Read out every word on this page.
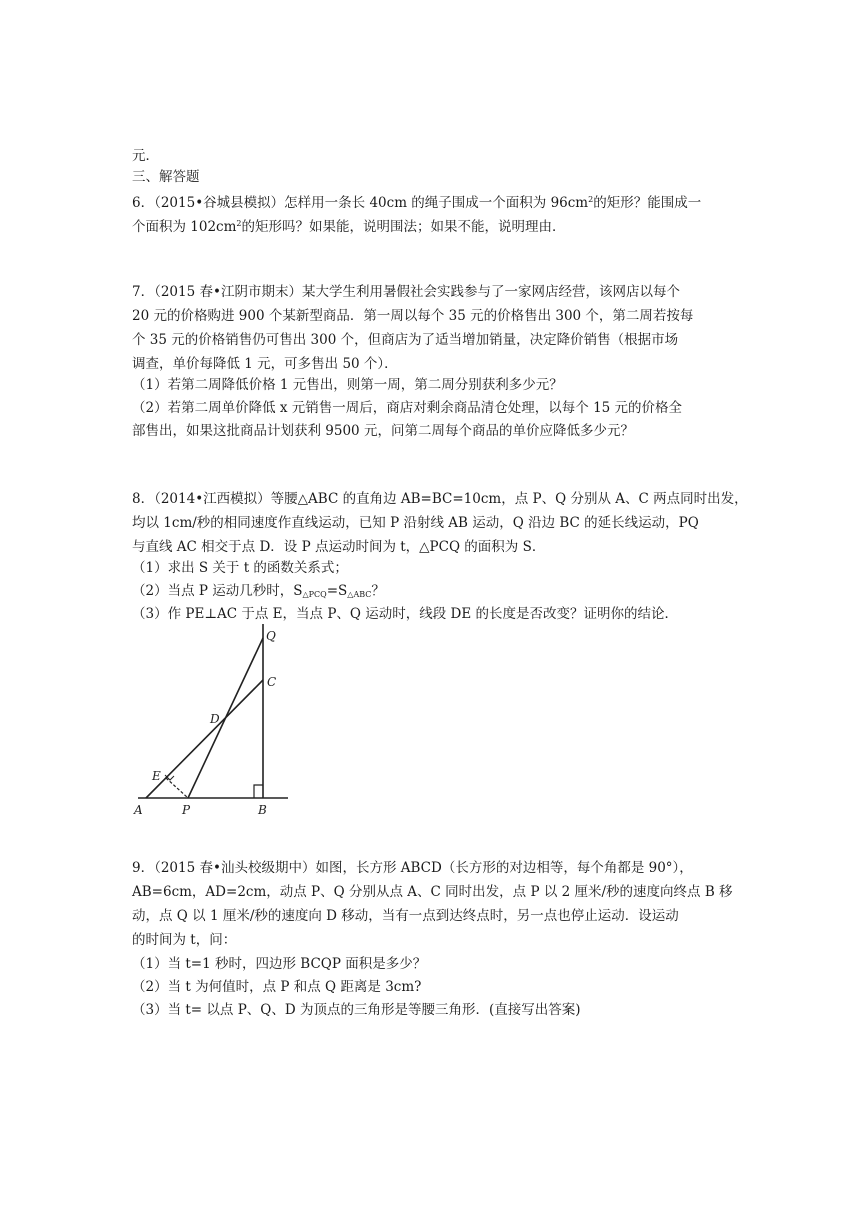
元．
三、解答题
6．（2015•谷城县模拟）怎样用一条长 40cm 的绳子围成一个面积为 $96cm^2$的矩形？能围成一
个面积为 $102cm^2$的矩形吗？如果能，说明围法；如果不能，说明理由．
7．（2015 春•江阴市期末）某大学生利用暑假社会实践参与了一家网店经营，该网店以每个
20 元的价格购进 900 个某新型商品．第一周以每个 35 元的价格售出 300 个，第二周若按每
个 35 元的价格销售仍可售出 300 个，但商店为了适当增加销量，决定降价销售（根据市场
调查，单价每降低 1 元，可多售出 50 个）．
（1）若第二周降低价格 1 元售出，则第一周，第二周分别获利多少元？
（2）若第二周单价降低 x 元销售一周后，商店对剩余商品清仓处理，以每个 15 元的价格全
部售出，如果这批商品计划获利 9500 元，问第二周每个商品的单价应降低多少元？
8．（2014•江西模拟）等腰△ABC 的直角边 AB=BC=10cm，点 P、Q 分别从 A、C 两点同时出发，
均以 1cm/秒的相同速度作直线运动，已知 P 沿射线 AB 运动，Q 沿边 BC 的延长线运动，PQ
与直线 AC 相交于点 D．设 P 点运动时间为 t，△PCQ 的面积为 S．
（1）求出 S 关于 t 的函数关系式；
（2）当点 P 运动几秒时，$S_{\triangle PCQ}=S_{\triangle ABC}$？
（3）作 PE⊥AC 于点 E，当点 P、Q 运动时，线段 DE 的长度是否改变？证明你的结论．
Q
C
D
E
A	P	B
9．（2015 春•汕头校级期中）如图，长方形 ABCD（长方形的对边相等，每个角都是 90°），
AB=6cm，AD=2cm，动点 P、Q 分别从点 A、C 同时出发，点 P 以 2 厘米/秒的速度向终点 B 移
动，点 Q 以 1 厘米/秒的速度向 D 移动，当有一点到达终点时，另一点也停止运动．设运动
的时间为 t，问：
（1）当 t=1 秒时，四边形 BCQP 面积是多少？
（2）当 t 为何值时，点 P 和点 Q 距离是 3cm?
（3）当 t= 以点 P、Q、D 为顶点的三角形是等腰三角形．(直接写出答案)
